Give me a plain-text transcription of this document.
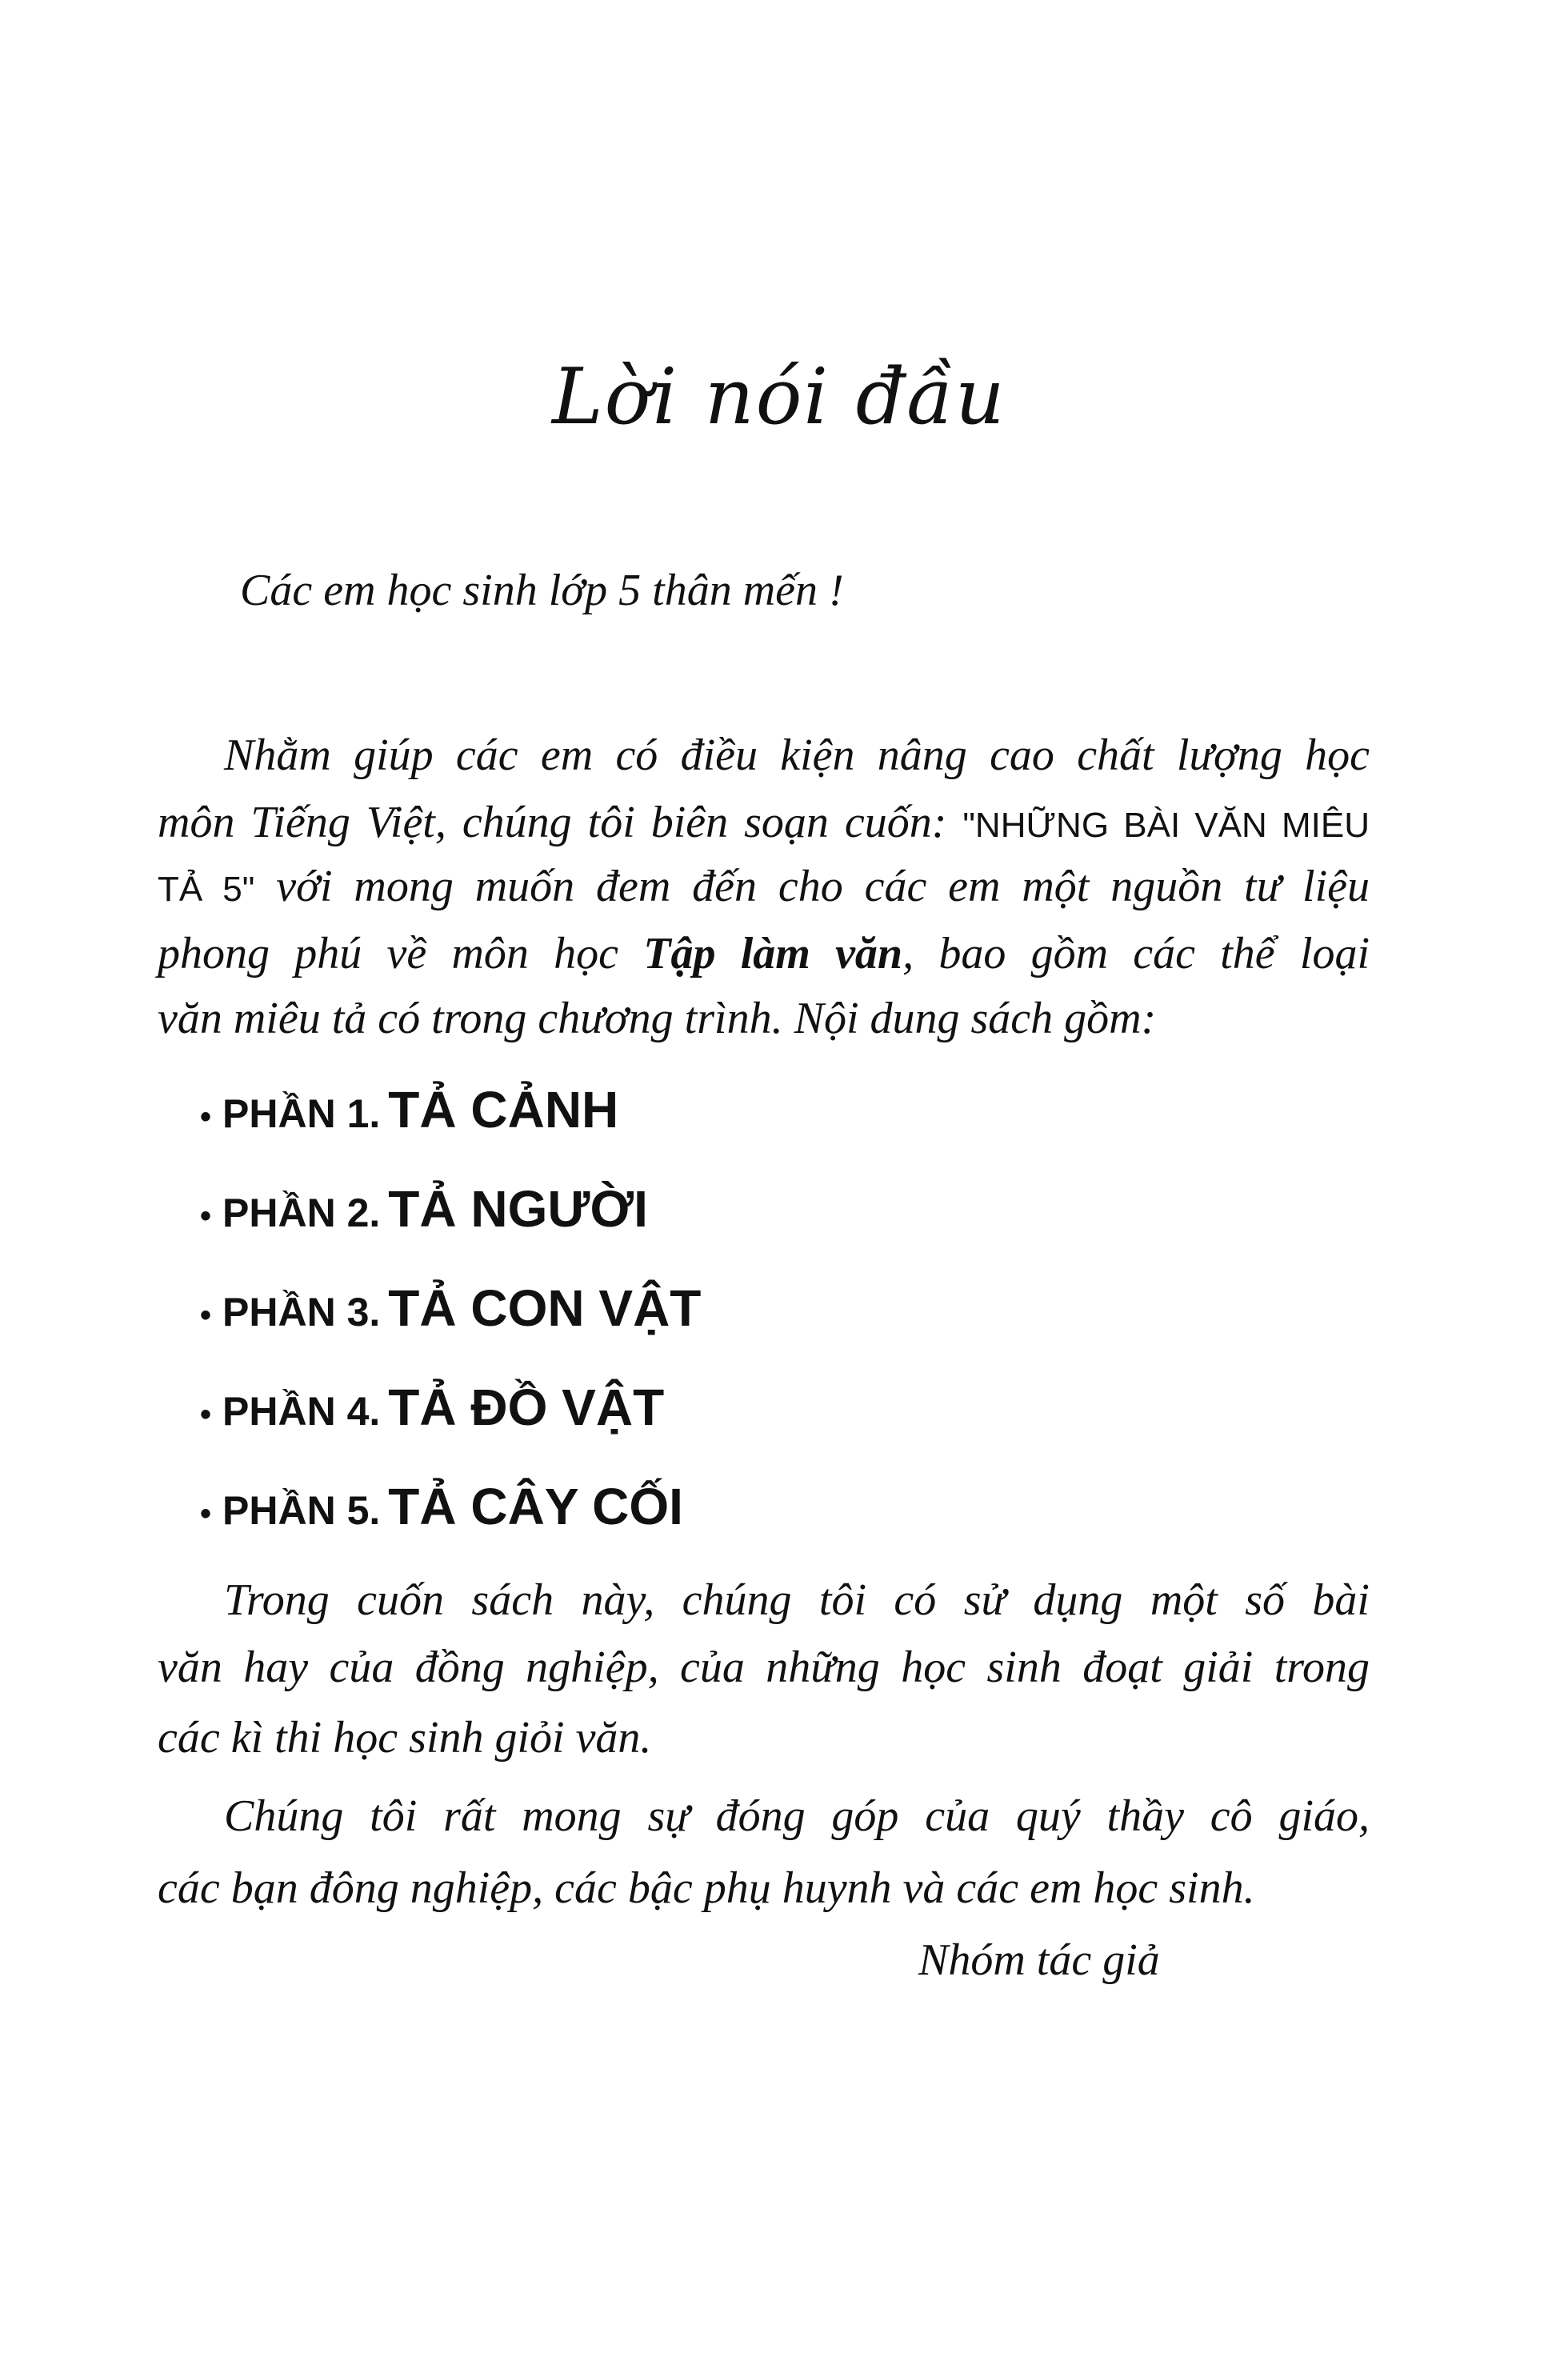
Lời nói đầu
Các em học sinh lớp 5 thân mến !
Nhằm giúp các em có điều kiện nâng cao chất lượng học
môn Tiếng Việt, chúng tôi biên soạn cuốn: "NHỮNG BÀI VĂN MIÊU
TẢ 5" với mong muốn đem đến cho các em một nguồn tư liệu
phong phú về môn học Tập làm văn, bao gồm các thể loại
văn miêu tả có trong chương trình. Nội dung sách gồm:
• PHẦN 1. TẢ CẢNH
• PHẦN 2. TẢ NGƯỜI
• PHẦN 3. TẢ CON VẬT
• PHẦN 4. TẢ ĐỒ VẬT
• PHẦN 5. TẢ CÂY CỐI
Trong cuốn sách này, chúng tôi có sử dụng một số bài
văn hay của đồng nghiệp, của những học sinh đoạt giải trong
các kì thi học sinh giỏi văn.
Chúng tôi rất mong sự đóng góp của quý thầy cô giáo,
các bạn đông nghiệp, các bậc phụ huynh và các em học sinh.
Nhóm tác giả
